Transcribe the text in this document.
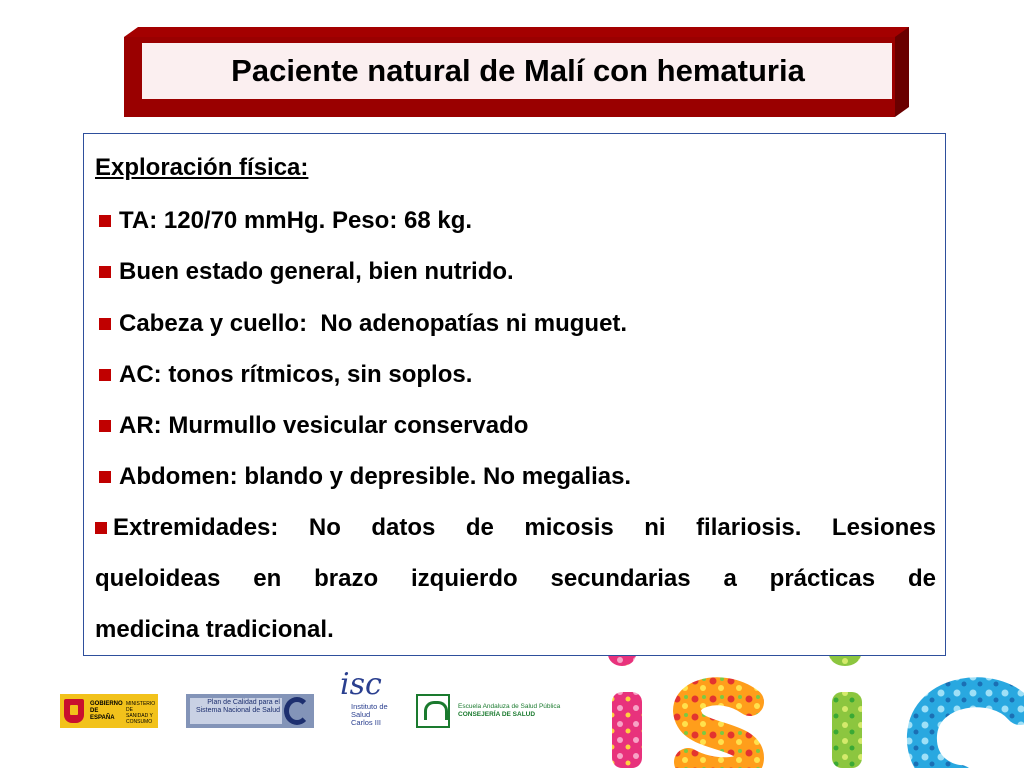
Paciente natural de Malí con hematuria
Exploración física:
TA: 120/70 mmHg. Peso: 68 kg.
Buen estado general, bien nutrido.
Cabeza y cuello:  No adenopatías ni muguet.
AC: tonos rítmicos, sin soplos.
AR: Murmullo vesicular conservado
Abdomen: blando y depresible. No megalias.
Extremidades: No datos de micosis ni filariosis. Lesiones
queloideas en brazo izquierdo secundarias a prácticas de
medicina tradicional.
GOBIERNO DE ESPAÑA
MINISTERIO DE SANIDAD Y CONSUMO
Plan de Calidad para el Sistema Nacional de Salud
isc
Instituto de Salud Carlos III
Escuela Andaluza de Salud Pública
CONSEJERÍA DE SALUD
